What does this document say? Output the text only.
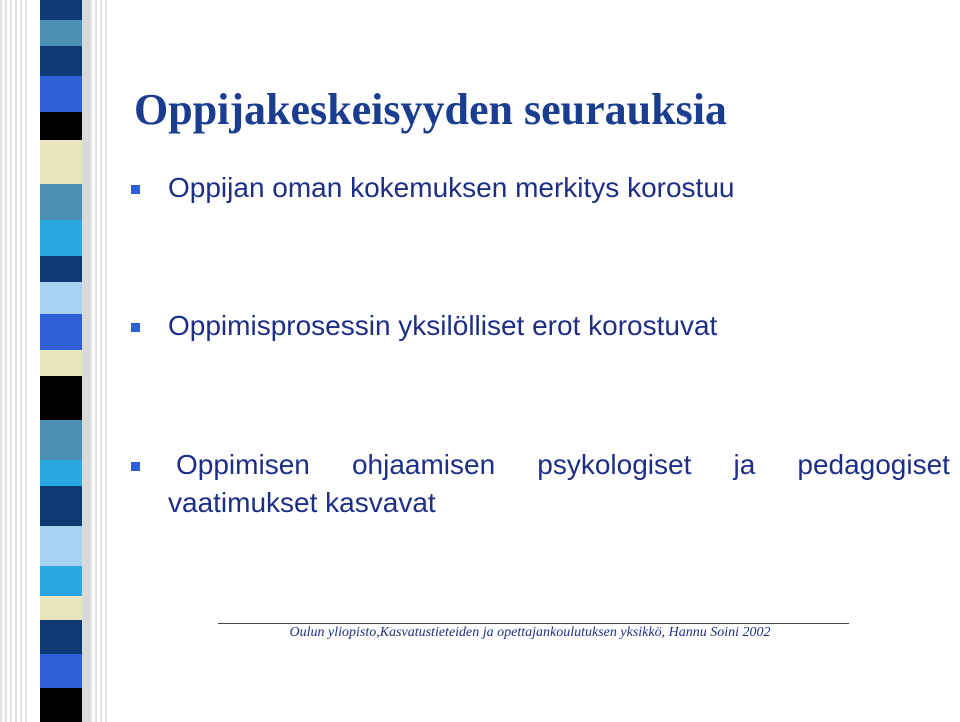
Oppijakeskeisyyden seurauksia
Oppijan oman kokemuksen merkitys korostuu
Oppimisprosessin yksilölliset erot korostuvat
Oppimisen ohjaamisen psykologiset ja pedagogiset
vaatimukset kasvavat
Oulun yliopisto,Kasvatustieteiden ja opettajankoulutuksen yksikkö, Hannu Soini 2002
